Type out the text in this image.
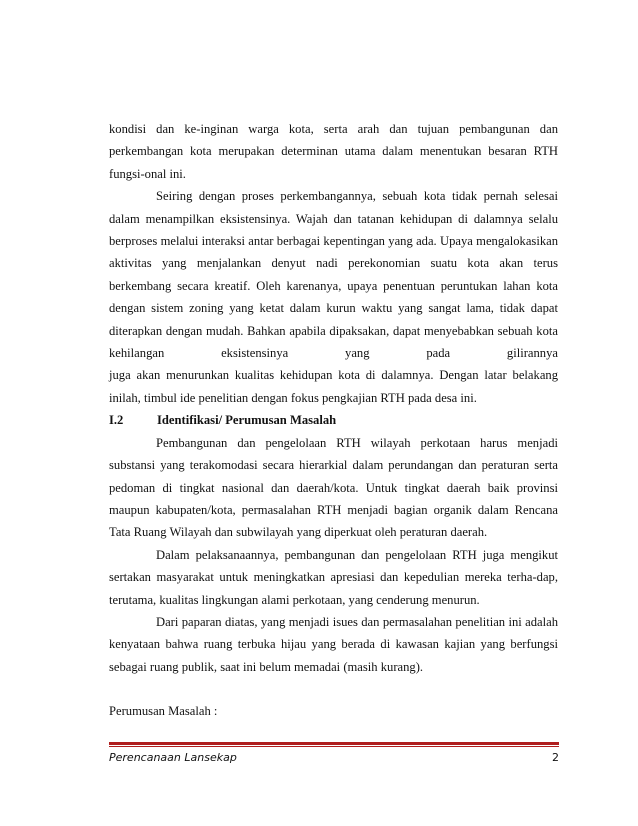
kondisi dan ke-inginan warga kota, serta arah dan tujuan pembangunan dan perkembangan kota merupakan determinan utama dalam menentukan besaran RTH fungsi-onal ini.

Seiring dengan proses perkembangannya, sebuah kota tidak pernah selesai dalam menampilkan eksistensinya. Wajah dan tatanan kehidupan di dalamnya selalu berproses melalui interaksi antar berbagai kepentingan yang ada. Upaya mengalokasikan aktivitas yang menjalankan denyut nadi perekonomian suatu kota akan terus berkembang secara kreatif. Oleh karenanya, upaya penentuan peruntukan lahan kota dengan sistem zoning yang ketat dalam kurun waktu yang sangat lama, tidak dapat diterapkan dengan mudah. Bahkan apabila dipaksakan, dapat menyebabkan sebuah kota kehilangan eksistensinya yang pada gilirannya

juga akan menurunkan kualitas kehidupan kota di dalamnya. Dengan latar belakang inilah, timbul ide penelitian dengan fokus pengkajian RTH pada desa ini.

I.2	Identifikasi/ Perumusan Masalah

Pembangunan dan pengelolaan RTH wilayah perkotaan harus menjadi substansi yang terakomodasi secara hierarkial dalam perundangan dan peraturan serta pedoman di tingkat nasional dan daerah/kota. Untuk tingkat daerah baik provinsi maupun kabupaten/kota, permasalahan RTH menjadi bagian organik dalam Rencana Tata Ruang Wilayah dan subwilayah yang diperkuat oleh peraturan daerah.

Dalam pelaksanaannya, pembangunan dan pengelolaan RTH juga mengikut sertakan masyarakat untuk meningkatkan apresiasi dan kepedulian mereka terha-dap, terutama, kualitas lingkungan alami perkotaan, yang cenderung menurun.

Dari paparan diatas, yang menjadi isues dan permasalahan penelitian ini adalah kenyataan bahwa ruang terbuka hijau yang berada di kawasan kajian yang berfungsi sebagai ruang publik, saat ini belum memadai (masih kurang).

Perumusan Masalah :

Perencanaan Lansekap	2
